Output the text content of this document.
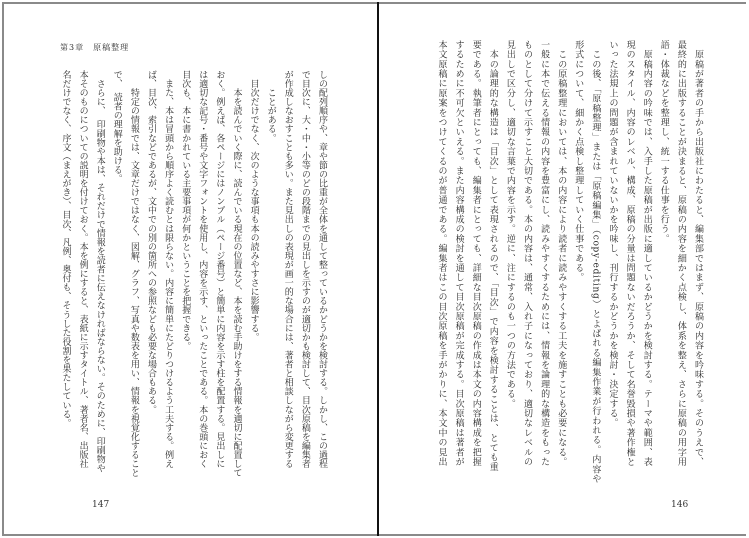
第3章　原稿整理
しの配列順序や、章や節の比重が全体を通して整っているかどうかを検討する。しかし、この過程
で目次に、大・中・小等のどの段階までの見出しを示すのが適切かも検討して、目次原稿を編集者
が作成しなおすことも多い。また見出しの表現が画一的な場合には、著者と相談しながら変更する
　　ことがある。
　目次だけでなく、次のような事項も本の読みやすさに影響する。
　　本を読んでいく際に、読んでいる現在の位置など、本を読む手助けをする情報を適切に配置して
おく。例えば、各ページにはノンブル（ページ番号）と簡単に内容を示す柱を配置する。見出しに
は適切な記号・番号や文字フォントを使用し、内容を示す、といったことである。本の巻頭におく
目次も、本に書かれている主要事項が何かということを把握できる。
　また、本は冒頭から順序よく読むとは限らない。内容に簡単にたどりつけるよう工夫する。例え
ば、目次、索引などであるが、文中での別の箇所への参照なども必要な場合もある。
　　特定の情報では、文章だけではなく、図解、グラフ、写真や数表を用い、情報を視覚化すること
で、　読者の理解を助ける。
　さらに、　印刷物や本は、それだけで情報を読者に伝えなければならない。そのために、印刷物や
本そのものについての説明を付けておく。本を例にすると、表紙に示すタイトル、著者名、出版社
名だけでなく、序文（まえがき）、目次、凡例、奥付も、そうした役割を果たしている。
147
　原稿が著者の手から出版社にわたると、編集部ではまず、原稿の内容を吟味する。そのうえで、
最終的に出版することが決まると、原稿の内容を細かく点検し、体系を整え、さらに原稿の用字用
語・体裁などを整理し、統一する仕事を行う。
　原稿内容の吟味では、入手した原稿が出版に適しているかどうかを検討する。テーマや範囲、表
現のスタイル、内容のレベル、構成、原稿の分量は問題ないだろうか、そして名誉毀損や著作権と
いった法規上の問題が含まれていないかを吟味し、刊行するかどうかを検討・決定する。
　この後、「原稿整理」または「原稿編集」（copy-editing）とよばれる編集作業が行われる。内容や
形式について、細かく点検し整理していく仕事である。
　この原稿整理においては、本の内容により読者に読みやすくする工夫を施すことも必要になる。
一般に本で伝える情報の内容を豊富にし、読みやすくするためには、情報を論理的な構造をもった
ものとして分けて示すこと大切である。本の内容は、通常、入れ子になっており、適切なレベルの
見出しで区分し、適切な言葉で内容を示す。逆に、注にするのも一つの方法である。
　本の論理的な構造は「目次」として表現されるので、「目次」で内容を検討することは、とても重
要である。執筆者にとっても、編集者にとっても、詳細な目次原稿の作成は本文の内容構成を把握
するために不可欠といえる。また内容構成の検討を通して目次原稿が完成する。目次原稿は著者が
本文原稿に原案をつけてくるのが普通である。編集者はこの目次原稿を手がかりに、本文中の見出
146
